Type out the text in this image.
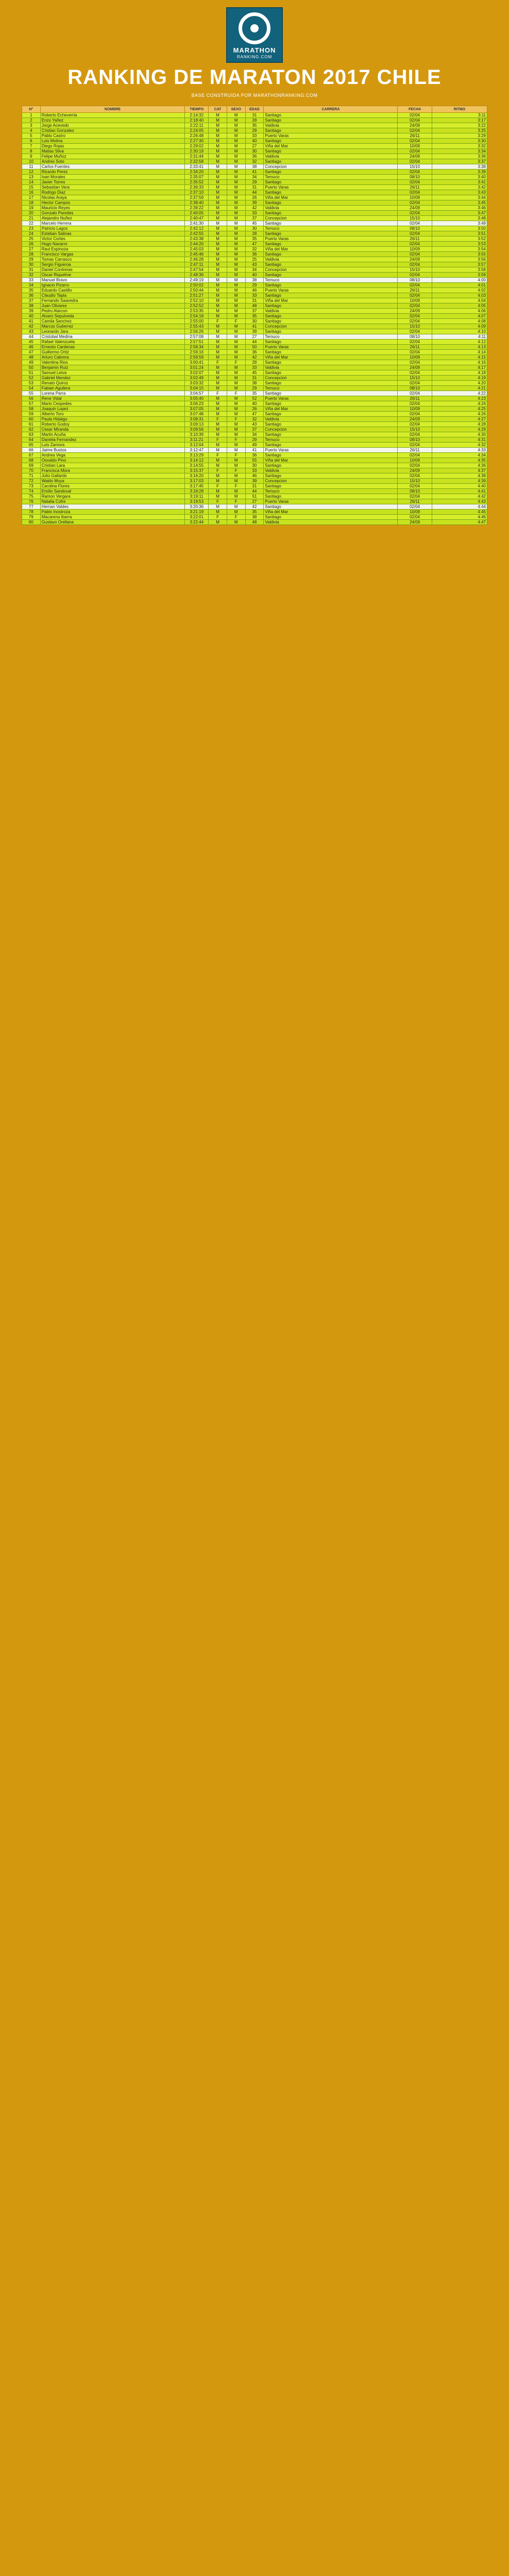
MARATHON
RANKING.COM
RANKING DE MARATON 2017 CHILE
BASE CONSTRUIDA POR MARATHONRANKING.COM
N°	NOMBRE	TIEMPO	CAT	SEXO	EDAD	CARRERA	FECHA	RITMO
1	Roberto Echeverria	2:14:32	M	M	31	Santiago	02/04	3:11
2	Enzo Yañez	2:18:40	M	M	28	Santiago	02/04	3:17
3	Jorge Acevedo	2:22:11	M	M	35	Valdivia	24/09	3:22
4	Cristian Gonzalez	2:24:05	M	M	29	Santiago	02/04	3:25
5	Pablo Castro	2:26:48	M	M	33	Puerto Varas	26/11	3:29
6	Luis Molina	2:27:30	M	M	40	Santiago	02/04	3:30
7	Diego Rojas	2:29:02	M	M	27	Viña del Mar	10/09	3:32
8	Matias Silva	2:30:19	M	M	30	Santiago	02/04	3:34
9	Felipe Muñoz	2:31:44	M	M	36	Valdivia	24/09	3:36
10	Andres Soto	2:32:58	M	M	32	Santiago	02/04	3:37
11	Carlos Fuentes	2:33:41	M	M	38	Concepcion	15/10	3:38
12	Ricardo Perez	2:34:20	M	M	41	Santiago	02/04	3:39
13	Ivan Morales	2:35:07	M	M	34	Temuco	08/10	3:40
14	Javier Torres	2:35:52	M	M	29	Santiago	02/04	3:41
15	Sebastian Vera	2:36:33	M	M	31	Puerto Varas	26/11	3:42
16	Rodrigo Diaz	2:37:10	M	M	44	Santiago	02/04	3:43
17	Nicolas Araya	2:37:59	M	M	26	Viña del Mar	10/09	3:44
18	Hector Campos	2:38:40	M	M	39	Santiago	02/04	3:45
19	Mauricio Reyes	2:39:22	M	M	42	Valdivia	24/09	3:46
20	Gonzalo Paredes	2:40:05	M	M	33	Santiago	02/04	3:47
21	Alejandro Nuñez	2:40:47	M	M	37	Concepcion	15/10	3:48
22	Marcelo Herrera	2:41:30	M	M	45	Santiago	02/04	3:49
23	Patricio Lagos	2:42:12	M	M	30	Temuco	08/10	3:50
24	Esteban Salinas	2:42:55	M	M	28	Santiago	02/04	3:51
25	Victor Cortes	2:43:38	M	M	35	Puerto Varas	26/11	3:52
26	Hugo Navarro	2:44:20	M	M	47	Santiago	02/04	3:53
27	Raul Espinoza	2:45:03	M	M	32	Viña del Mar	10/09	3:54
28	Francisco Vargas	2:45:46	M	M	36	Santiago	02/04	3:55
29	Tomas Carrasco	2:46:28	M	M	25	Valdivia	24/09	3:56
30	Sergio Figueroa	2:47:11	M	M	43	Santiago	02/04	3:57
31	Daniel Contreras	2:47:54	M	M	34	Concepcion	15/10	3:58
32	Oscar Riquelme	2:48:36	M	M	40	Santiago	02/04	3:59
33	Manuel Bravo	2:49:19	M	M	38	Temuco	08/10	4:00
34	Ignacio Pizarro	2:50:02	M	M	29	Santiago	02/04	4:01
35	Eduardo Castillo	2:50:44	M	M	46	Puerto Varas	26/11	4:02
36	Claudio Tapia	2:51:27	M	M	33	Santiago	02/04	4:03
37	Fernando Saavedra	2:52:10	M	M	31	Viña del Mar	10/09	4:04
38	Juan Olivares	2:52:52	M	M	48	Santiago	02/04	4:05
39	Pedro Alarcon	2:53:35	M	M	37	Valdivia	24/09	4:06
40	Alvaro Sepulveda	2:54:18	M	M	35	Santiago	02/04	4:07
41	Camila Sanchez	2:55:00	F	F	30	Santiago	02/04	4:08
42	Marcos Gutierrez	2:55:43	M	M	41	Concepcion	15/10	4:09
43	Leonardo Jara	2:56:26	M	M	39	Santiago	02/04	4:10
44	Cristobal Medina	2:57:08	M	M	27	Temuco	08/10	4:11
45	Rafael Valenzuela	2:57:51	M	M	44	Santiago	02/04	4:12
46	Ernesto Cardenas	2:58:34	M	M	50	Puerto Varas	26/11	4:13
47	Guillermo Ortiz	2:59:16	M	M	36	Santiago	02/04	4:14
48	Arturo Cabrera	2:59:59	M	M	42	Viña del Mar	10/09	4:15
49	Valentina Rios	3:00:41	F	F	28	Santiago	02/04	4:16
50	Benjamin Ruiz	3:01:24	M	M	33	Valdivia	24/09	4:17
51	Samuel Leiva	3:02:07	M	M	45	Santiago	02/04	4:18
52	Gabriel Mendez	3:02:49	M	M	31	Concepcion	15/10	4:19
53	Renato Quiroz	3:03:32	M	M	38	Santiago	02/04	4:20
54	Fabian Aguilera	3:04:15	M	M	29	Temuco	08/10	4:21
55	Lorena Parra	3:04:57	F	F	35	Santiago	02/04	4:22
56	Rene Vidal	3:05:40	M	M	52	Puerto Varas	26/11	4:23
57	Mario Cespedes	3:06:23	M	M	40	Santiago	02/04	4:24
58	Joaquin Lopez	3:07:05	M	M	26	Viña del Mar	10/09	4:25
59	Alberto Toro	3:07:48	M	M	47	Santiago	02/04	4:26
60	Paula Hidalgo	3:08:31	F	F	32	Valdivia	24/09	4:27
61	Roberto Godoy	3:09:13	M	M	43	Santiago	02/04	4:28
62	Cesar Miranda	3:09:56	M	M	37	Concepcion	15/10	4:29
63	Martin Acuña	3:10:39	M	M	34	Santiago	02/04	4:30
64	Daniela Fernandez	3:11:21	F	F	29	Temuco	08/10	4:31
65	Luis Zamora	3:12:04	M	M	49	Santiago	02/04	4:32
66	Jaime Bustos	3:12:47	M	M	41	Puerto Varas	26/11	4:33
67	Andrea Vega	3:13:29	F	F	36	Santiago	02/04	4:34
68	Osvaldo Pino	3:14:12	M	M	55	Viña del Mar	10/09	4:35
69	Cristian Lara	3:14:55	M	M	30	Santiago	02/04	4:36
70	Francisca Mora	3:15:37	F	F	33	Valdivia	24/09	4:37
71	Julio Gallardo	3:16:20	M	M	46	Santiago	02/04	4:38
72	Waldo Moya	3:17:03	M	M	39	Concepcion	15/10	4:39
73	Carolina Flores	3:17:45	F	F	31	Santiago	02/04	4:40
74	Emilio Sandoval	3:18:28	M	M	44	Temuco	08/10	4:41
75	Ramon Vergara	3:19:11	M	M	51	Santiago	02/04	4:42
76	Natalia Cofre	3:19:53	F	F	27	Puerto Varas	26/11	4:43
77	Hernan Valdes	3:20:36	M	M	42	Santiago	02/04	4:44
78	Pablo Inostroza	3:21:19	M	M	35	Viña del Mar	10/09	4:45
79	Macarena Ibarra	3:22:01	F	F	38	Santiago	02/04	4:46
80	Gustavo Orellana	3:22:44	M	M	48	Valdivia	24/09	4:47
